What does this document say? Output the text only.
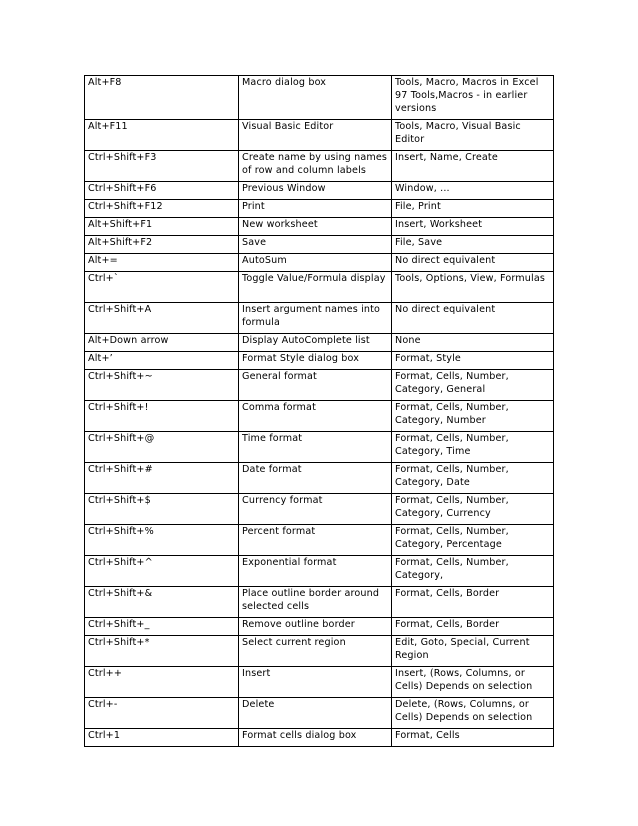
Alt+F8	Macro dialog box	Tools, Macro, Macros in Excel 97 Tools,Macros - in earlier versions
Alt+F11	Visual Basic Editor	Tools, Macro, Visual Basic Editor
Ctrl+Shift+F3	Create name by using names of row and column labels	Insert, Name, Create
Ctrl+Shift+F6	Previous Window	Window, ...
Ctrl+Shift+F12	Print	File, Print
Alt+Shift+F1	New worksheet	Insert, Worksheet
Alt+Shift+F2	Save	File, Save
Alt+=	AutoSum	No direct equivalent
Ctrl+`	Toggle Value/Formula display	Tools, Options, View, Formulas
Ctrl+Shift+A	Insert argument names into formula	No direct equivalent
Alt+Down arrow	Display AutoComplete list	None
Alt+’	Format Style dialog box	Format, Style
Ctrl+Shift+~	General format	Format, Cells, Number, Category, General
Ctrl+Shift+!	Comma format	Format, Cells, Number, Category, Number
Ctrl+Shift+@	Time format	Format, Cells, Number, Category, Time
Ctrl+Shift+#	Date format	Format, Cells, Number, Category, Date
Ctrl+Shift+$	Currency format	Format, Cells, Number, Category, Currency
Ctrl+Shift+%	Percent format	Format, Cells, Number, Category, Percentage
Ctrl+Shift+^	Exponential format	Format, Cells, Number, Category,
Ctrl+Shift+&	Place outline border around selected cells	Format, Cells, Border
Ctrl+Shift+_	Remove outline border	Format, Cells, Border
Ctrl+Shift+*	Select current region	Edit, Goto, Special, Current Region
Ctrl++	Insert	Insert, (Rows, Columns, or Cells) Depends on selection
Ctrl+-	Delete	Delete, (Rows, Columns, or Cells) Depends on selection
Ctrl+1	Format cells dialog box	Format, Cells
